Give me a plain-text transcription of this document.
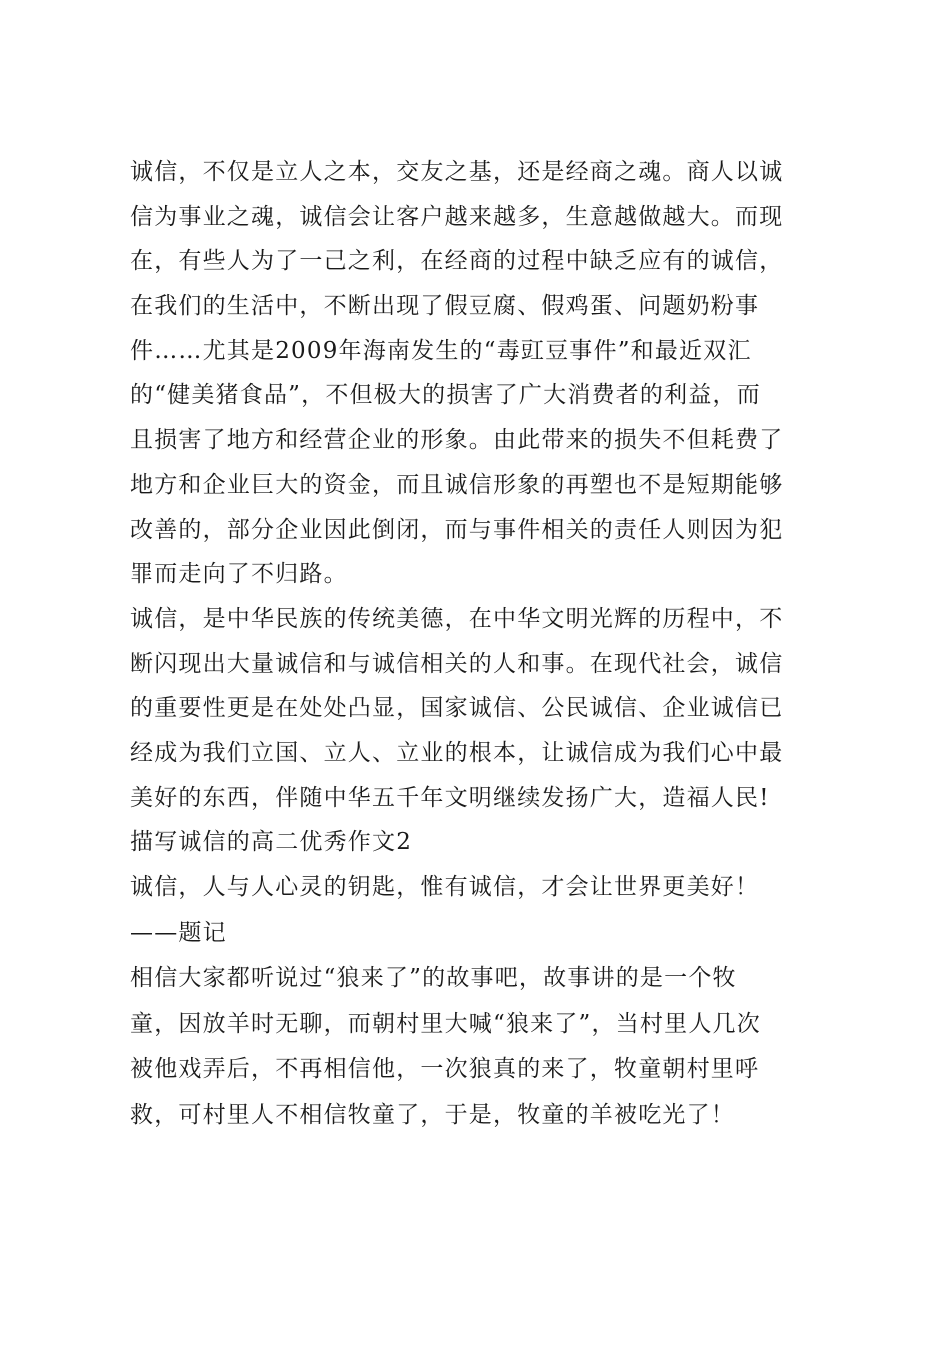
诚信，不仅是立人之本，交友之基，还是经商之魂。商人以诚
信为事业之魂，诚信会让客户越来越多，生意越做越大。而现
在，有些人为了一己之利，在经商的过程中缺乏应有的诚信，
在我们的生活中，不断出现了假豆腐、假鸡蛋、问题奶粉事
件……尤其是2009年海南发生的“毒豇豆事件”和最近双汇
的“健美猪食品”，不但极大的损害了广大消费者的利益，而
且损害了地方和经营企业的形象。由此带来的损失不但耗费了
地方和企业巨大的资金，而且诚信形象的再塑也不是短期能够
改善的，部分企业因此倒闭，而与事件相关的责任人则因为犯
罪而走向了不归路。
诚信，是中华民族的传统美德，在中华文明光辉的历程中，不
断闪现出大量诚信和与诚信相关的人和事。在现代社会，诚信
的重要性更是在处处凸显，国家诚信、公民诚信、企业诚信已
经成为我们立国、立人、立业的根本，让诚信成为我们心中最
美好的东西，伴随中华五千年文明继续发扬广大，造福人民!
描写诚信的高二优秀作文2
诚信，人与人心灵的钥匙，惟有诚信，才会让世界更美好！
——题记
相信大家都听说过“狼来了”的故事吧，故事讲的是一个牧
童，因放羊时无聊，而朝村里大喊“狼来了”，当村里人几次
被他戏弄后，不再相信他，一次狼真的来了，牧童朝村里呼
救，可村里人不相信牧童了，于是，牧童的羊被吃光了！
